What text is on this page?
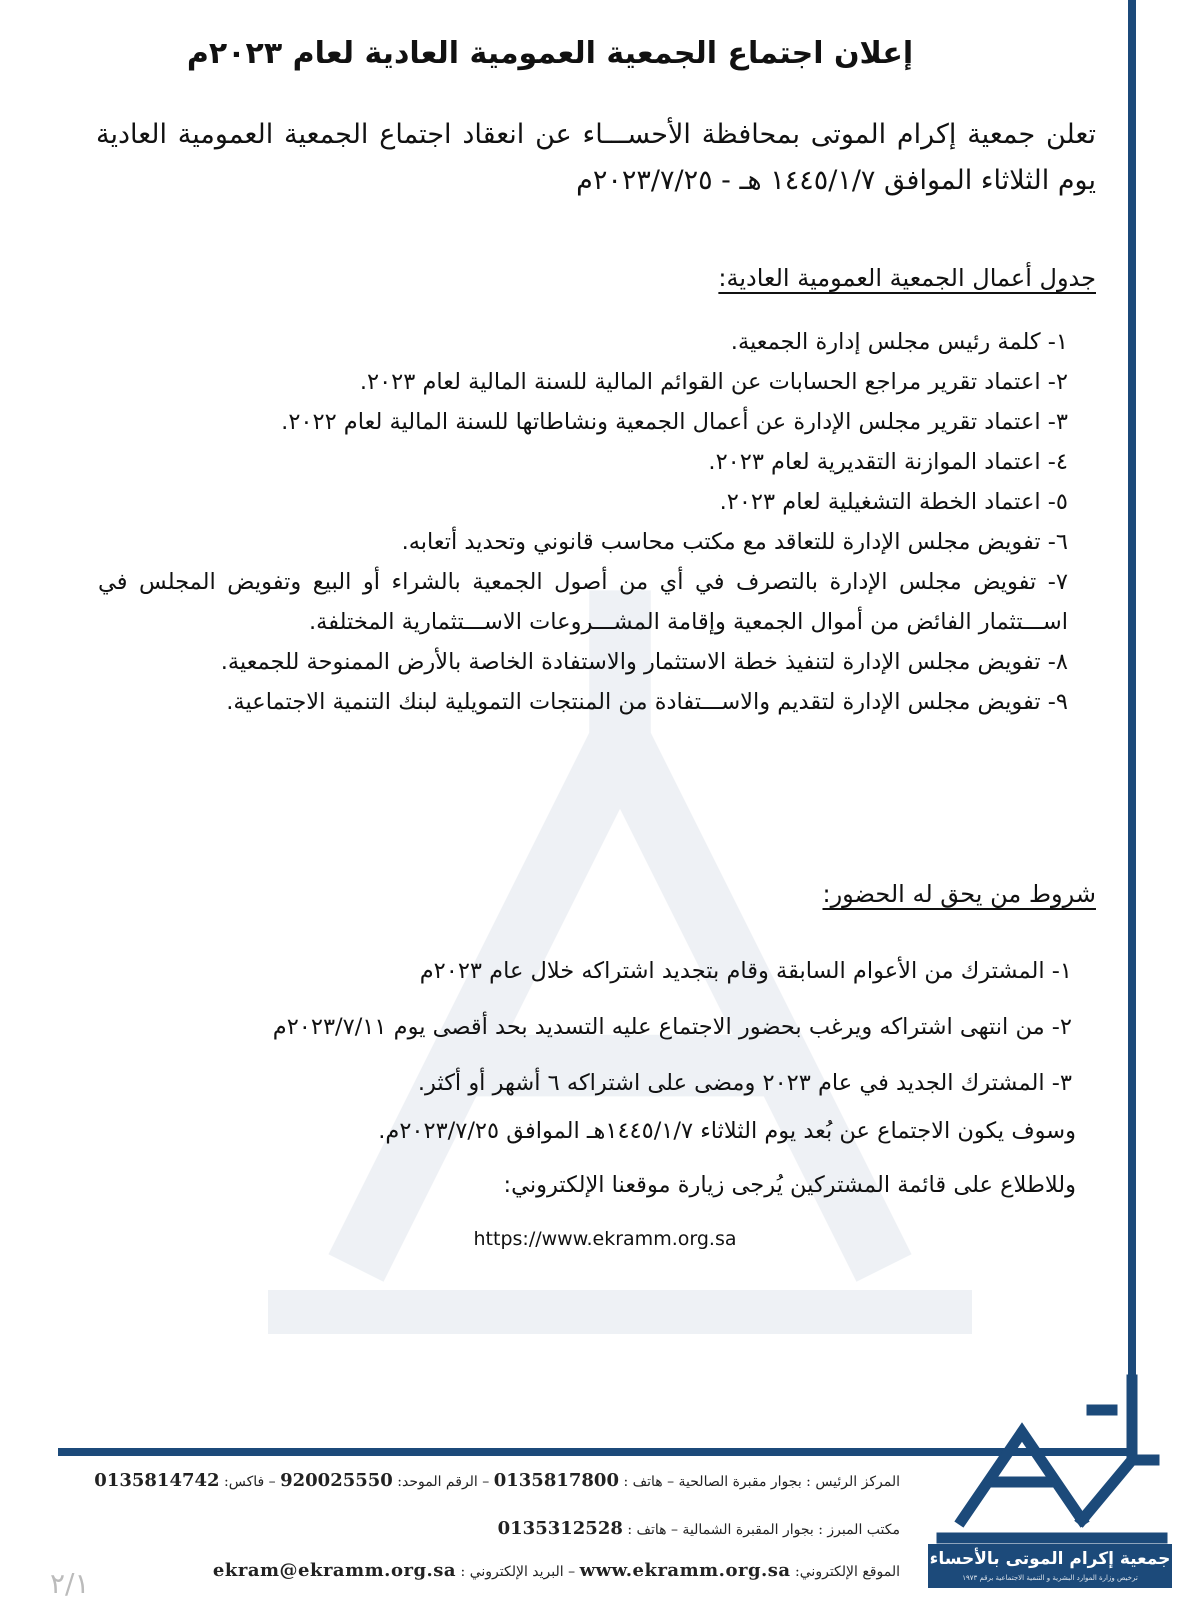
إعلان اجتماع الجمعية العمومية العادية لعام ٢٠٢٣م
تعلن جمعية إكرام الموتى بمحافظة الأحســـاء عن انعقاد اجتماع الجمعية العمومية العادية يوم الثلاثاء الموافق ١٤٤٥/١/٧ هـ - ٢٠٢٣/٧/٢٥م
جدول أعمال الجمعية العمومية العادية:
١- كلمة رئيس مجلس إدارة الجمعية.
٢- اعتماد تقرير مراجع الحسابات عن القوائم المالية للسنة المالية لعام ٢٠٢٣.
٣- اعتماد تقرير مجلس الإدارة عن أعمال الجمعية ونشاطاتها للسنة المالية لعام ٢٠٢٢.
٤- اعتماد الموازنة التقديرية لعام ٢٠٢٣.
٥- اعتماد الخطة التشغيلية لعام ٢٠٢٣.
٦- تفويض مجلس الإدارة للتعاقد مع مكتب محاسب قانوني وتحديد أتعابه.
٧- تفويض مجلس الإدارة بالتصرف في أي من أصول الجمعية بالشراء أو البيع وتفويض المجلس في اســـتثمار الفائض من أموال الجمعية وإقامة المشـــروعات الاســـتثمارية المختلفة.
٨- تفويض مجلس الإدارة لتنفيذ خطة الاستثمار والاستفادة الخاصة بالأرض الممنوحة للجمعية.
٩- تفويض مجلس الإدارة لتقديم والاســـتفادة من المنتجات التمويلية لبنك التنمية الاجتماعية.
شروط من يحق له الحضور:
١- المشترك من الأعوام السابقة وقام بتجديد اشتراكه خلال عام ٢٠٢٣م
٢- من انتهى اشتراكه ويرغب بحضور الاجتماع عليه التسديد بحد أقصى يوم ٢٠٢٣/٧/١١م
٣- المشترك الجديد في عام ٢٠٢٣ ومضى على اشتراكه ٦ أشهر أو أكثر.
وسوف يكون الاجتماع عن بُعد يوم الثلاثاء ١٤٤٥/١/٧هـ الموافق ٢٠٢٣/٧/٢٥م.
وللاطلاع على قائمة المشتركين يُرجى زيارة موقعنا الإلكتروني:
https://www.ekramm.org.sa
المركز الرئيس : بجوار مقبرة الصالحية – هاتف : 0135817800 – الرقم الموحد: 920025550 – فاكس: 0135814742
مكتب المبرز : بجوار المقبرة الشمالية – هاتف : 0135312528
الموقع الإلكتروني: www.ekramm.org.sa – البريد الإلكتروني : ekram@ekramm.org.sa
٢/١
جمعية إكرام الموتى بالأحساء
ترخيص وزارة الموارد البشرية و التنمية الاجتماعية برقم ١٩٧٣
